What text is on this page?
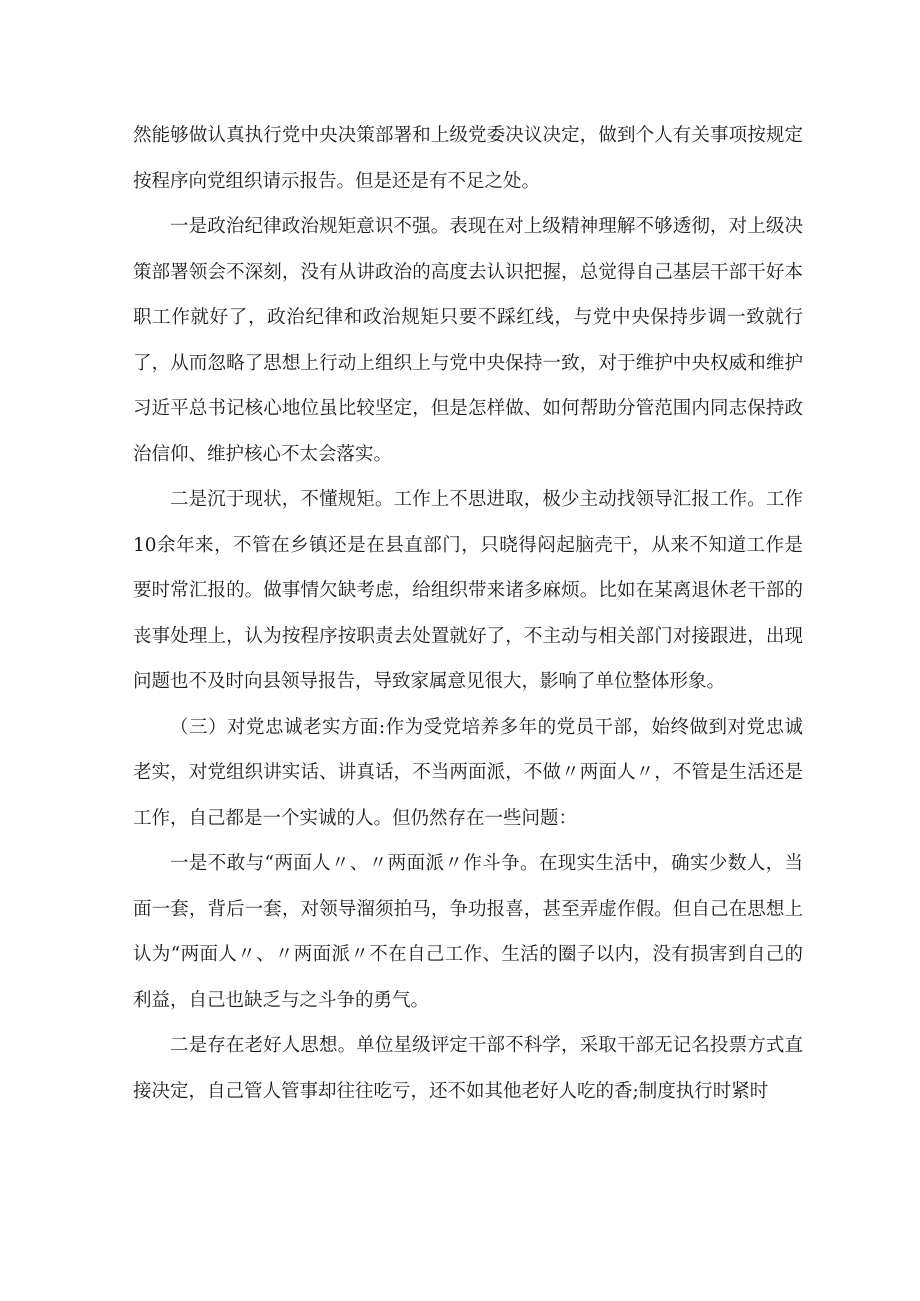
然能够做认真执行党中央决策部署和上级党委决议决定，做到个人有关事项按规定按程序向党组织请示报告。但是还是有不足之处。

一是政治纪律政治规矩意识不强。表现在对上级精神理解不够透彻，对上级决策部署领会不深刻，没有从讲政治的高度去认识把握，总觉得自己基层干部干好本职工作就好了，政治纪律和政治规矩只要不踩红线，与党中央保持步调一致就行了，从而忽略了思想上行动上组织上与党中央保持一致，对于维护中央权威和维护习近平总书记核心地位虽比较坚定，但是怎样做、如何帮助分管范围内同志保持政治信仰、维护核心不太会落实。

二是沉于现状，不懂规矩。工作上不思进取，极少主动找领导汇报工作。工作10余年来，不管在乡镇还是在县直部门，只晓得闷起脑壳干，从来不知道工作是要时常汇报的。做事情欠缺考虑，给组织带来诸多麻烦。比如在某离退休老干部的丧事处理上，认为按程序按职责去处置就好了，不主动与相关部门对接跟进，出现问题也不及时向县领导报告，导致家属意见很大，影响了单位整体形象。

（三）对党忠诚老实方面:作为受党培养多年的党员干部，始终做到对党忠诚老实，对党组织讲实话、讲真话，不当两面派，不做〃两面人〃，不管是生活还是工作，自己都是一个实诚的人。但仍然存在一些问题：

一是不敢与“两面人〃、〃两面派〃作斗争。在现实生活中，确实少数人，当面一套，背后一套，对领导溜须拍马，争功报喜，甚至弄虚作假。但自己在思想上认为“两面人〃、〃两面派〃不在自己工作、生活的圈子以内，没有损害到自己的利益，自己也缺乏与之斗争的勇气。

二是存在老好人思想。单位星级评定干部不科学，采取干部无记名投票方式直接决定，自己管人管事却往往吃亏，还不如其他老好人吃的香;制度执行时紧时
